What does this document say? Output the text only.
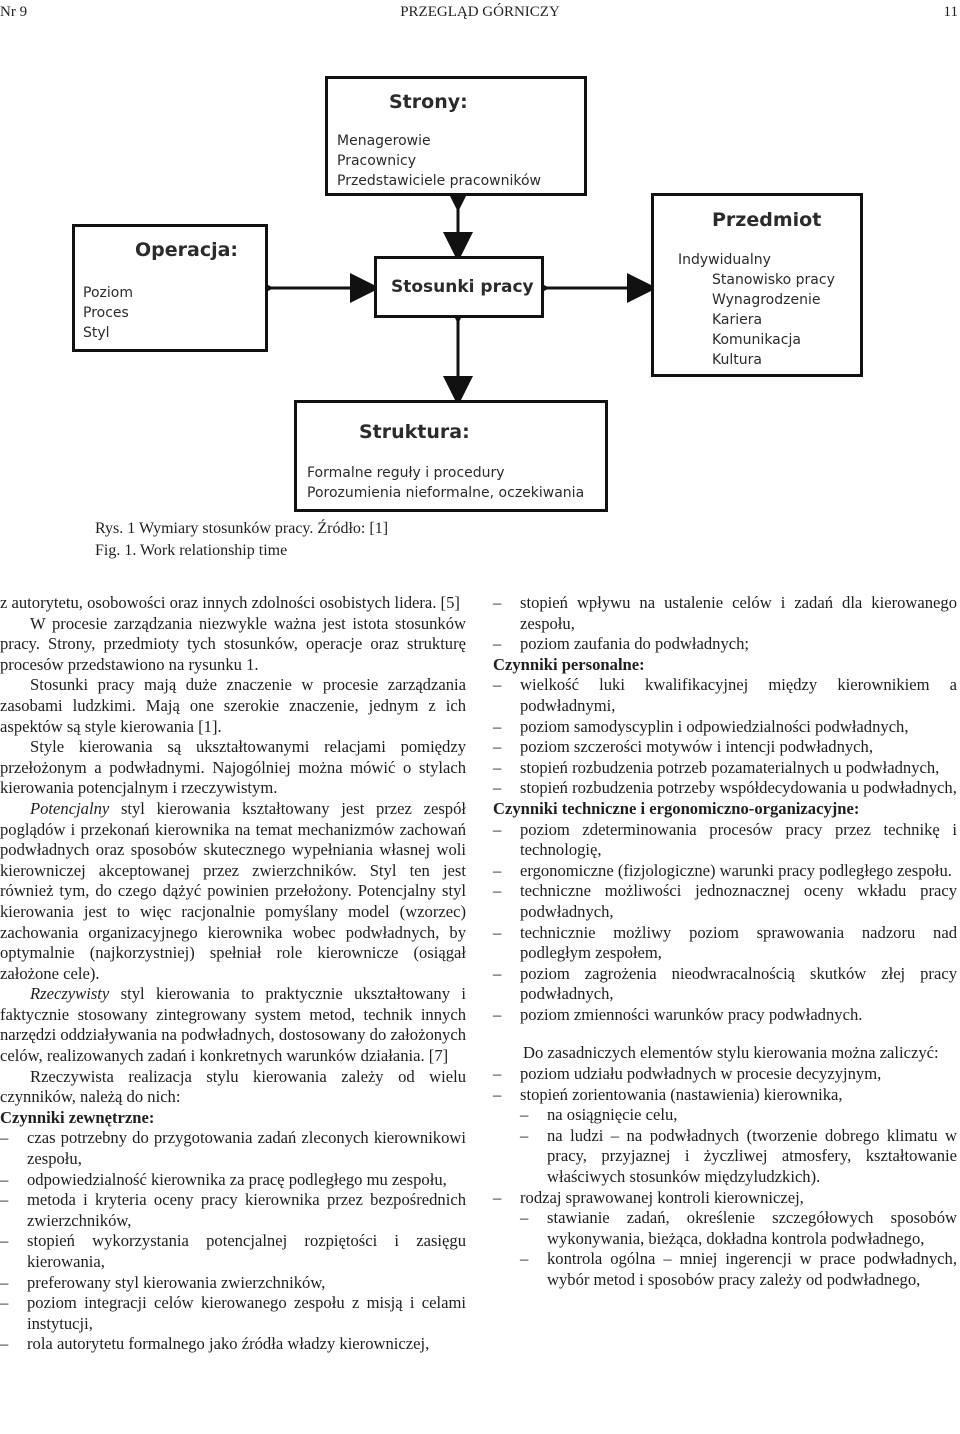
Nr 9	PRZEGLĄD GÓRNICZY	11
Strony:
Menagerowie
Pracownicy
Przedstawiciele pracowników
Operacja:
Poziom
Proces
Styl
Stosunki pracy
Przedmiot
Indywidualny
Stanowisko pracy
Wynagrodzenie
Kariera
Komunikacja
Kultura
Struktura:
Formalne reguły i procedury
Porozumienia nieformalne, oczekiwania
Rys. 1 Wymiary stosunków pracy. Źródło: [1]
Fig. 1. Work relationship time

z autorytetu, osobowości oraz innych zdolności osobistych lidera. [5]

W procesie zarządzania niezwykle ważna jest istota stosunków pracy. Strony, przedmioty tych stosunków, operacje oraz strukturę procesów przedstawiono na rysunku 1.

Stosunki pracy mają duże znaczenie w procesie zarządzania zasobami ludzkimi. Mają one szerokie znaczenie, jednym z ich aspektów są style kierowania [1].

Style kierowania są ukształtowanymi relacjami pomiędzy przełożonym a podwładnymi. Najogólniej można mówić o stylach kierowania potencjalnym i rzeczywistym.

Potencjalny styl kierowania kształtowany jest przez zespół poglądów i przekonań kierownika na temat mechanizmów zachowań podwładnych oraz sposobów skutecznego wypełniania własnej woli kierowniczej akceptowanej przez zwierzchników. Styl ten jest również tym, do czego dążyć powinien przełożony. Potencjalny styl kierowania jest to więc racjonalnie pomyślany model (wzorzec) zachowania organizacyjnego kierownika wobec podwładnych, by optymalnie (najkorzystniej) spełniał role kierownicze (osiągał założone cele).

Rzeczywisty styl kierowania to praktycznie ukształtowany i faktycznie stosowany zintegrowany system metod, technik innych narzędzi oddziaływania na podwładnych, dostosowany do założonych celów, realizowanych zadań i konkretnych warunków działania. [7]

Rzeczywista realizacja stylu kierowania zależy od wielu czynników, należą do nich:

Czynniki zewnętrzne:

– czas potrzebny do przygotowania zadań zleconych kierownikowi zespołu,

– odpowiedzialność kierownika za pracę podległego mu zespołu,

– metoda i kryteria oceny pracy kierownika przez bezpośrednich zwierzchników,

– stopień wykorzystania potencjalnej rozpiętości i zasięgu kierowania,

– preferowany styl kierowania zwierzchników,

– poziom integracji celów kierowanego zespołu z misją i celami instytucji,

– rola autorytetu formalnego jako źródła władzy kierowniczej,

– stopień wpływu na ustalenie celów i zadań dla kierowanego zespołu,

– poziom zaufania do podwładnych;

Czynniki personalne:

– wielkość luki kwalifikacyjnej między kierownikiem a podwładnymi,

– poziom samodyscyplin i odpowiedzialności podwładnych,

– poziom szczerości motywów i intencji podwładnych,

– stopień rozbudzenia potrzeb pozamaterialnych u podwładnych,

– stopień rozbudzenia potrzeby współdecydowania u podwładnych,

Czynniki techniczne i ergonomiczno-organizacyjne:

– poziom zdeterminowania procesów pracy przez technikę i technologię,

– ergonomiczne (fizjologiczne) warunki pracy podległego zespołu.

– techniczne możliwości jednoznacznej oceny wkładu pracy podwładnych,

– technicznie możliwy poziom sprawowania nadzoru nad podległym zespołem,

– poziom zagrożenia nieodwracalnością skutków złej pracy podwładnych,

– poziom zmienności warunków pracy podwładnych.

Do zasadniczych elementów stylu kierowania można zaliczyć:

– poziom udziału podwładnych w procesie decyzyjnym,

– stopień zorientowania (nastawienia) kierownika,

– na osiągnięcie celu,

– na ludzi – na podwładnych (tworzenie dobrego klimatu w pracy, przyjaznej i życzliwej atmosfery, kształtowanie właściwych stosunków międzyludzkich).

– rodzaj sprawowanej kontroli kierowniczej,

– stawianie zadań, określenie szczegółowych sposobów wykonywania, bieżąca, dokładna kontrola podwładnego,

– kontrola ogólna – mniej ingerencji w prace podwładnych, wybór metod i sposobów pracy zależy od podwładnego,
